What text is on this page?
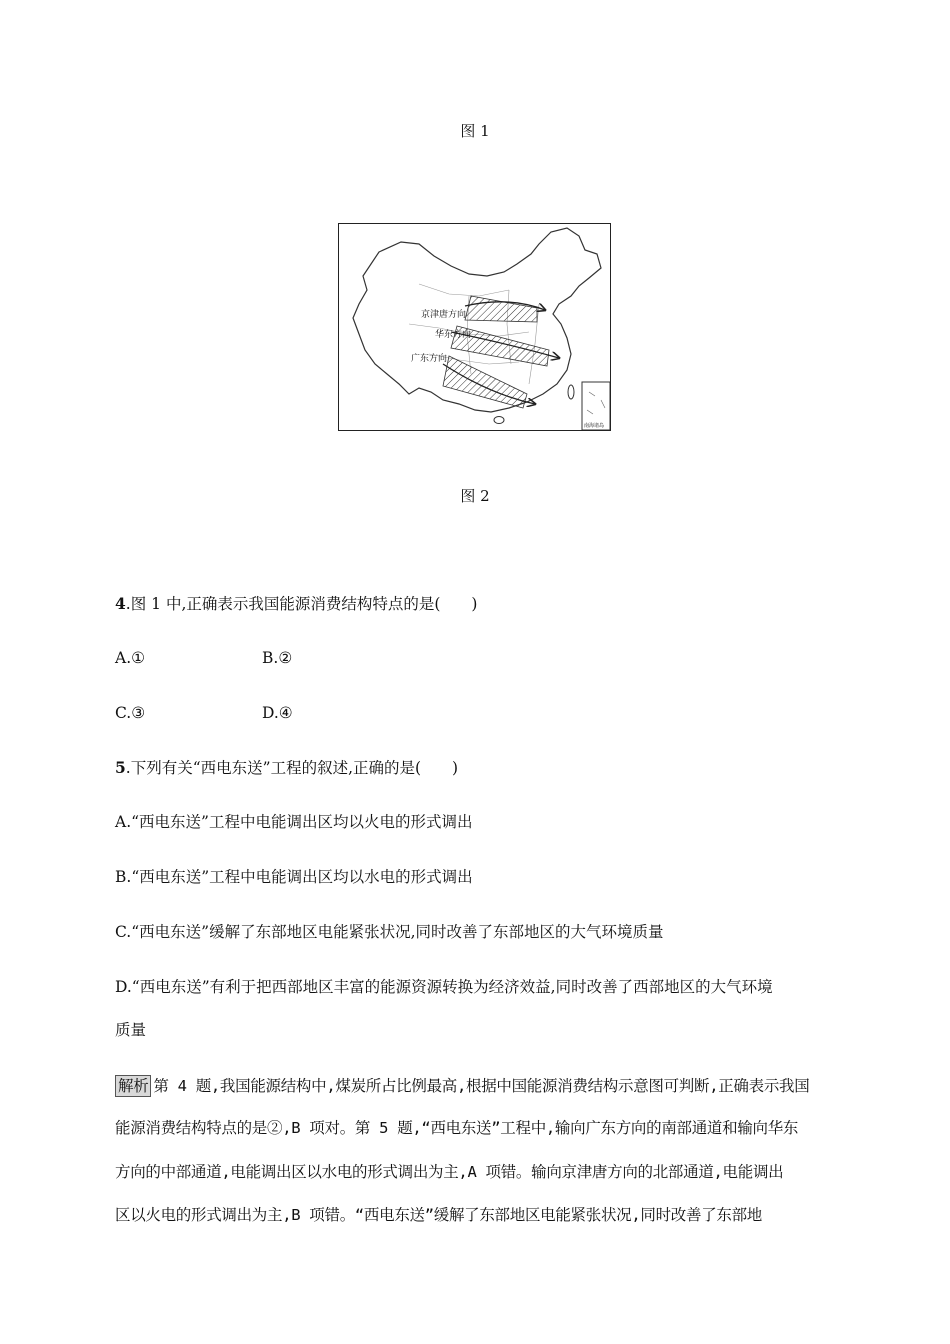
图 1
京津唐方向
华东方向
广东方向
南海诸岛
图 2
4.图 1 中,正确表示我国能源消费结构特点的是(　　)
A.①	B.②
C.③	D.④
5.下列有关“西电东送”工程的叙述,正确的是(　　)
A.“西电东送”工程中电能调出区均以火电的形式调出
B.“西电东送”工程中电能调出区均以水电的形式调出
C.“西电东送”缓解了东部地区电能紧张状况,同时改善了东部地区的大气环境质量
D.“西电东送”有利于把西部地区丰富的能源资源转换为经济效益,同时改善了西部地区的大气环境
质量
解析 第 4 题,我国能源结构中,煤炭所占比例最高,根据中国能源消费结构示意图可判断,正确表示我国
能源消费结构特点的是②,B 项对。第 5 题,“西电东送”工程中,输向广东方向的南部通道和输向华东
方向的中部通道,电能调出区以水电的形式调出为主,A 项错。输向京津唐方向的北部通道,电能调出
区以火电的形式调出为主,B 项错。“西电东送”缓解了东部地区电能紧张状况,同时改善了东部地
